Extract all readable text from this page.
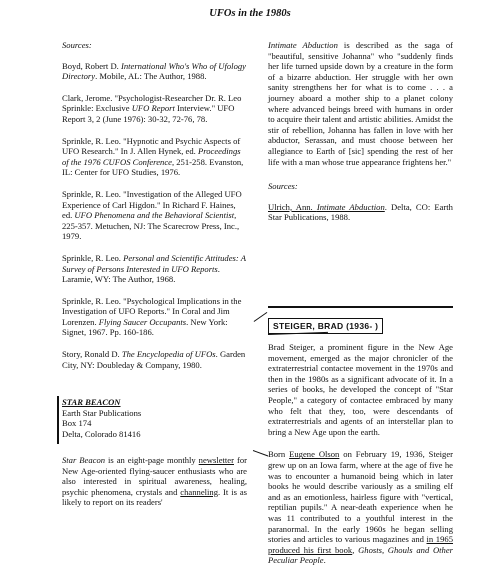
UFOs in the 1980s
Sources:

Boyd, Robert D. International Who's Who of Ufology Directory. Mobile, AL: The Author, 1988.

Clark, Jerome. "Psychologist-Researcher Dr. R. Leo Sprinkle: Exclusive UFO Report Interview." UFO Report 3, 2 (June 1976): 30-32, 72-76, 78.

Sprinkle, R. Leo. "Hypnotic and Psychic Aspects of UFO Research." In J. Allen Hynek, ed. Proceedings of the 1976 CUFOS Conference, 251-258. Evanston, IL: Center for UFO Studies, 1976.

Sprinkle, R. Leo. "Investigation of the Alleged UFO Experience of Carl Higdon." In Richard F. Haines, ed. UFO Phenomena and the Behavioral Scientist, 225-357. Metuchen, NJ: The Scarecrow Press, Inc., 1979.

Sprinkle, R. Leo. Personal and Scientific Attitudes: A Survey of Persons Interested in UFO Reports. Laramie, WY: The Author, 1968.

Sprinkle, R. Leo. "Psychological Implications in the Investigation of UFO Reports." In Coral and Jim Lorenzen. Flying Saucer Occupants. New York: Signet, 1967. Pp. 160-186.

Story, Ronald D. The Encyclopedia of UFOs. Garden City, NY: Doubleday & Company, 1980.

STAR BEACON
Earth Star Publications
Box 174
Delta, Colorado 81416

Star Beacon is an eight-page monthly newsletter for New Age-oriented flying-saucer enthusiasts who are also interested in spiritual awareness, healing, psychic phenomena, crystals and channeling. It is as likely to report on its readers'

Intimate Abduction is described as the saga of "beautiful, sensitive Johanna" who "suddenly finds her life turned upside down by a creature in the form of a bizarre abduction. Her struggle with her own sanity strengthens her for what is to come . . . a journey aboard a mother ship to a planet colony where advanced beings breed with humans in order to acquire their talent and artistic abilities. Amidst the stir of rebellion, Johanna has fallen in love with her abductor, Serassan, and must choose between her allegiance to Earth of [sic] spending the rest of her life with a man whose true appearance frightens her."

Sources:

Ulrich, Ann. Intimate Abduction. Delta, CO: Earth Star Publications, 1988.

STEIGER, BRAD (1936- )

Brad Steiger, a prominent figure in the New Age movement, emerged as the major chronicler of the extraterrestrial contactee movement in the 1970s and then in the 1980s as a significant advocate of it. In a series of books, he developed the concept of "Star People," a category of contactee embraced by many who felt that they, too, were descendants of extraterrestrials and agents of an interstellar plan to bring a New Age upon the earth.

Born Eugene Olson on February 19, 1936, Steiger grew up on an Iowa farm, where at the age of five he was to encounter a humanoid being which in later books he would describe variously as a smiling elf and as an emotionless, hairless figure with "vertical, reptilian pupils." A near-death experience when he was 11 contributed to a youthful interest in the paranormal. In the early 1960s he began selling stories and articles to various magazines and in 1965 produced his first book, Ghosts, Ghouls and Other Peculiar People.
